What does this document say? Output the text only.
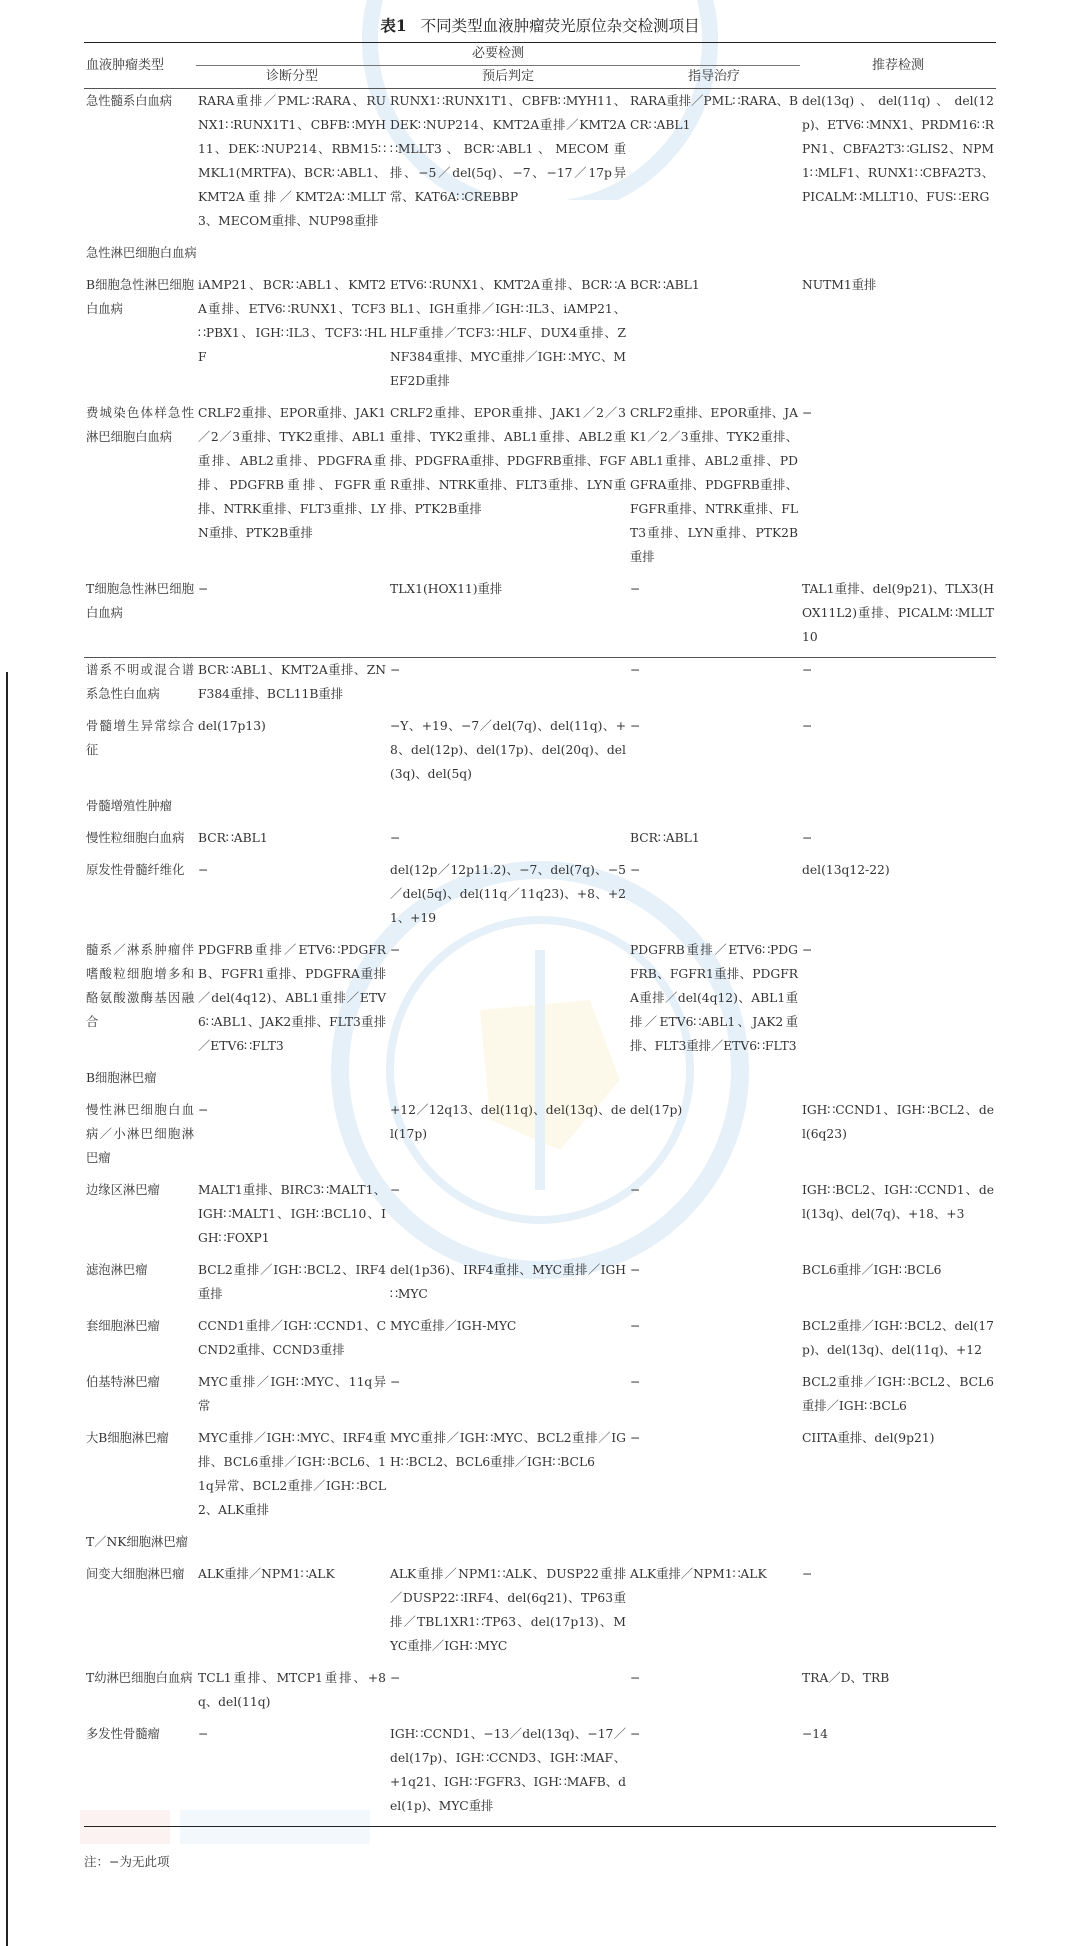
表1 不同类型血液肿瘤荧光原位杂交检测项目
血液肿瘤类型	必要检测			推荐检测
	诊断分型	预后判定	指导治疗	
急性髓系白血病	RARA重排／PML∷RARA、RUNX1∷RUNX1T1、CBFB∷MYH11、DEK∷NUP214、RBM15∷MKL1(MRTFA)、BCR∷ABL1、KMT2A重排／KMT2A∷MLLT3、MECOM重排、NUP98重排	RUNX1∷RUNX1T1、CBFB∷MYH11、DEK∷NUP214、KMT2A重排／KMT2A∷MLLT3、BCR∷ABL1、MECOM重排、−5／del(5q)、−7、−17／17p异常、KAT6A∷CREBBP	RARA重排／PML∷RARA、BCR∷ABL1	del(13q)、del(11q)、del(12p)、ETV6∷MNX1、PRDM16∷RPN1、CBFA2T3∷GLIS2、NPM1∷MLF1、RUNX1∷CBFA2T3、PICALM∷MLLT10、FUS∷ERG
急性淋巴细胞白血病				
B细胞急性淋巴细胞白血病	iAMP21、BCR∷ABL1、KMT2A重排、ETV6∷RUNX1、TCF3∷PBX1、IGH∷IL3、TCF3∷HLF	ETV6∷RUNX1、KMT2A重排、BCR∷ABL1、IGH重排／IGH∷IL3、iAMP21、HLF重排／TCF3∷HLF、DUX4重排、ZNF384重排、MYC重排／IGH∷MYC、MEF2D重排	BCR∷ABL1	NUTM1重排
费城染色体样急性淋巴细胞白血病	CRLF2重排、EPOR重排、JAK1／2／3重排、TYK2重排、ABL1重排、ABL2重排、PDGFRA重排、PDGFRB重排、FGFR重排、NTRK重排、FLT3重排、LYN重排、PTK2B重排	CRLF2重排、EPOR重排、JAK1／2／3重排、TYK2重排、ABL1重排、ABL2重排、PDGFRA重排、PDGFRB重排、FGFR重排、NTRK重排、FLT3重排、LYN重排、PTK2B重排	CRLF2重排、EPOR重排、JAK1／2／3重排、TYK2重排、ABL1重排、ABL2重排、PDGFRA重排、PDGFRB重排、FGFR重排、NTRK重排、FLT3重排、LYN重排、PTK2B重排	−
T细胞急性淋巴细胞白血病	−	TLX1(HOX11)重排	−	TAL1重排、del(9p21)、TLX3(HOX11L2)重排、PICALM∷MLLT10
谱系不明或混合谱系急性白血病	BCR∷ABL1、KMT2A重排、ZNF384重排、BCL11B重排	−	−	−
骨髓增生异常综合征	del(17p13)	−Y、+19、−7／del(7q)、del(11q)、+8、del(12p)、del(17p)、del(20q)、del(3q)、del(5q)	−	−
骨髓增殖性肿瘤				
慢性粒细胞白血病	BCR∷ABL1	−	BCR∷ABL1	−
原发性骨髓纤维化	−	del(12p／12p11.2)、−7、del(7q)、−5／del(5q)、del(11q／11q23)、+8、+21、+19	−	del(13q12-22)
髓系／淋系肿瘤伴嗜酸粒细胞增多和酪氨酸激酶基因融合	PDGFRB重排／ETV6∷PDGFRB、FGFR1重排、PDGFRA重排／del(4q12)、ABL1重排／ETV6∷ABL1、JAK2重排、FLT3重排／ETV6∷FLT3	−	PDGFRB重排／ETV6∷PDGFRB、FGFR1重排、PDGFRA重排／del(4q12)、ABL1重排／ETV6∷ABL1、JAK2重排、FLT3重排／ETV6∷FLT3	−
B细胞淋巴瘤				
慢性淋巴细胞白血病／小淋巴细胞淋巴瘤	−	+12／12q13、del(11q)、del(13q)、del(17p)	del(17p)	IGH∷CCND1、IGH∷BCL2、del(6q23)
边缘区淋巴瘤	MALT1重排、BIRC3∷MALT1、IGH∷MALT1、IGH∷BCL10、IGH∷FOXP1	−	−	IGH∷BCL2、IGH∷CCND1、del(13q)、del(7q)、+18、+3
滤泡淋巴瘤	BCL2重排／IGH∷BCL2、IRF4重排	del(1p36)、IRF4重排、MYC重排／IGH∷MYC	−	BCL6重排／IGH∷BCL6
套细胞淋巴瘤	CCND1重排／IGH∷CCND1、CCND2重排、CCND3重排	MYC重排／IGH-MYC	−	BCL2重排／IGH∷BCL2、del(17p)、del(13q)、del(11q)、+12
伯基特淋巴瘤	MYC重排／IGH∷MYC、11q异常	−	−	BCL2重排／IGH∷BCL2、BCL6重排／IGH∷BCL6
大B细胞淋巴瘤	MYC重排／IGH∷MYC、IRF4重排、BCL6重排／IGH∷BCL6、11q异常、BCL2重排／IGH∷BCL2、ALK重排	MYC重排／IGH∷MYC、BCL2重排／IGH∷BCL2、BCL6重排／IGH∷BCL6	−	CIITA重排、del(9p21)
T／NK细胞淋巴瘤				
间变大细胞淋巴瘤	ALK重排／NPM1∷ALK	ALK重排／NPM1∷ALK、DUSP22重排／DUSP22∷IRF4、del(6q21)、TP63重排／TBL1XR1∷TP63、del(17p13)、MYC重排／IGH∷MYC	ALK重排／NPM1∷ALK	−
T幼淋巴细胞白血病	TCL1重排、MTCP1重排、+8q、del(11q)	−	−	TRA／D、TRB
多发性骨髓瘤	−	IGH∷CCND1、−13／del(13q)、−17／del(17p)、IGH∷CCND3、IGH∷MAF、+1q21、IGH∷FGFR3、IGH∷MAFB、del(1p)、MYC重排	−	−14
注：−为无此项
